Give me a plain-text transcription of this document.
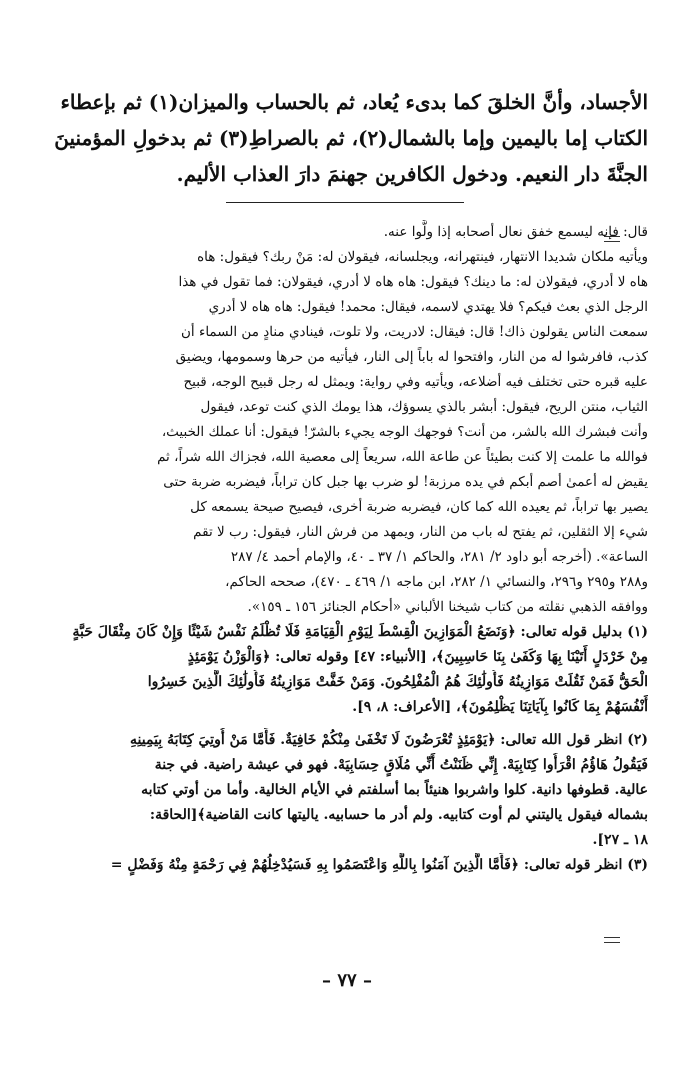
الأجساد، وأنَّ الخلقَ كما بدىء يُعاد، ثم بالحساب والميزان(١) ثم بإعطاء
الكتاب إما باليمين وإما بالشمال(٢)، ثم بالصراطِ(٣) ثم بدخولِ المؤمنينَ
الجنَّةَ دار النعيم. ودخول الكافرين جهنمَ دارَ العذاب الأليم.
قال: فإنه ليسمع خفق نعال أصحابه إذا ولَّوا عنه.
ويأتيه ملكان شديدا الانتهار، فينتهرانه، ويجلسانه، فيقولان له: مَنْ ربك؟ فيقول: هاه
هاه لا أدري، فيقولان له: ما دينك؟ فيقول: هاه هاه لا أدري، فيقولان: فما تقول في هذا
الرجل الذي بعث فيكم؟ فلا يهتدي لاسمه، فيقال: محمد! فيقول: هاه هاه لا أدري
سمعت الناس يقولون ذاك! قال: فيقال: لادريت، ولا تلوت، فينادي منادٍ من السماء أن
كذب، فافرشوا له من النار، وافتحوا له باباً إلى النار، فيأتيه من حرها وسمومها، ويضيق
عليه قبره حتى تختلف فيه أضلاعه، ويأتيه وفي رواية: ويمثل له رجل قبيح الوجه، قبيح
الثياب، منتن الريح، فيقول: أبشر بالذي يسوؤك، هذا يومك الذي كنت توعد، فيقول
وأنت فبشرك الله بالشر، من أنت؟ فوجهك الوجه يجيء بالشرّ! فيقول: أنا عملك الخبيث،
فوالله ما علمت إلا كنت بطيئاً عن طاعة الله، سريعاً إلى معصية الله، فجزاك الله شراً، ثم
يقيض له أعمىٰ أصم أبكم في يده مرزبة! لو ضرب بها جبل كان تراباً، فيضربه ضربة حتى
يصير بها تراباً، ثم يعيده الله كما كان، فيضربه ضربة أخرى، فيصيح صيحة يسمعه كل
شيء إلا الثقلين، ثم يفتح له باب من النار، ويمهد من فرش النار، فيقول: رب لا تقم
الساعة». (أخرجه أبو داود ٢/ ٢٨١، والحاكم ١/ ٣٧ ـ ٤٠، والإمام أحمد ٤/ ٢٨٧
و٢٨٨ و٢٩٥ و٢٩٦، والنسائي ١/ ٢٨٢، ابن ماجه ١/ ٤٦٩ ـ ٤٧٠)، صححه الحاكم،
ووافقه الذهبي نقلته من كتاب شيخنا الألباني «أحكام الجنائز ١٥٦ ـ ١٥٩».
(١) بدليل قوله تعالى: ﴿وَنَضَعُ الْمَوَازِينَ الْقِسْطَ لِيَوْمِ الْقِيَامَةِ فَلَا تُظْلَمُ نَفْسٌ شَيْئًا وَإِنْ كَانَ مِثْقَالَ حَبَّةٍ
مِنْ خَرْدَلٍ أَتَيْنَا بِهَا وَكَفَىٰ بِنَا حَاسِبِينَ﴾، [الأنبياء: ٤٧] وقوله تعالى: ﴿وَالْوَزْنُ يَوْمَئِذٍ
الْحَقُّ فَمَنْ ثَقُلَتْ مَوَازِينُهُ فَأُولَٰئِكَ هُمُ الْمُفْلِحُونَ. وَمَنْ خَفَّتْ مَوَازِينُهُ فَأُولَٰئِكَ الَّذِينَ خَسِرُوا
أَنْفُسَهُمْ بِمَا كَانُوا بِآيَاتِنَا يَظْلِمُونَ﴾، [الأعراف: ٨، ٩].
(٢) انظر قول الله تعالى: ﴿يَوْمَئِذٍ تُعْرَضُونَ لَا تَخْفَىٰ مِنْكُمْ خَافِيَةٌ. فَأَمَّا مَنْ أُوتِيَ كِتَابَهُ بِيَمِينِهِ
فَيَقُولُ هَاؤُمُ اقْرَأُوا كِتَابِيَهْ. إِنِّي ظَنَنْتُ أَنِّي مُلَاقٍ حِسَابِيَهْ. فهو في عيشة راضية. في جنة
عالية. قطوفها دانية. كلوا واشربوا هنيئاً بما أسلفتم في الأيام الخالية. وأما من أوتي كتابه
بشماله فيقول ياليتني لم أوت كتابيه. ولم أدر ما حسابيه. ياليتها كانت القاضية﴾[الحاقة:
١٨ ـ ٢٧].
(٣) انظر قوله تعالى: ﴿فَأَمَّا الَّذِينَ آمَنُوا بِاللَّهِ وَاعْتَصَمُوا بِهِ فَسَيُدْخِلُهُمْ فِي رَحْمَةٍ مِنْهُ وَفَضْلٍ =
– ٧٧ –
